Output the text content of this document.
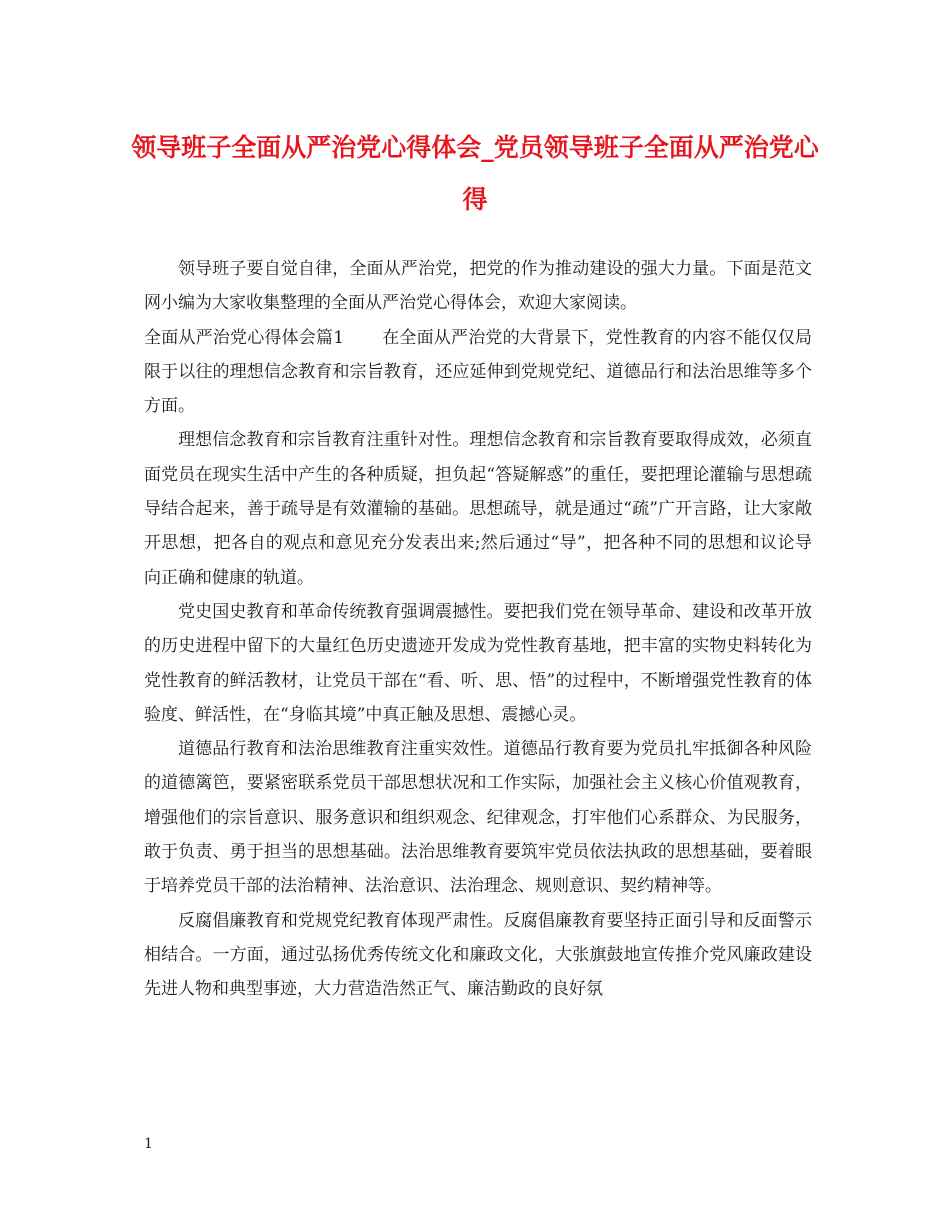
领导班子全面从严治党心得体会_党员领导班子全面从严治党心得

领导班子要自觉自律，全面从严治党，把党的作为推动建设的强大力量。下面是范文网小编为大家收集整理的全面从严治党心得体会，欢迎大家阅读。

全面从严治党心得体会篇1 在全面从严治党的大背景下，党性教育的内容不能仅仅局限于以往的理想信念教育和宗旨教育，还应延伸到党规党纪、道德品行和法治思维等多个方面。

理想信念教育和宗旨教育注重针对性。理想信念教育和宗旨教育要取得成效，必须直面党员在现实生活中产生的各种质疑，担负起“答疑解惑”的重任，要把理论灌输与思想疏导结合起来，善于疏导是有效灌输的基础。思想疏导，就是通过“疏”广开言路，让大家敞开思想，把各自的观点和意见充分发表出来;然后通过“导”，把各种不同的思想和议论导向正确和健康的轨道。

党史国史教育和革命传统教育强调震撼性。要把我们党在领导革命、建设和改革开放的历史进程中留下的大量红色历史遗迹开发成为党性教育基地，把丰富的实物史料转化为党性教育的鲜活教材，让党员干部在“看、听、思、悟”的过程中，不断增强党性教育的体验度、鲜活性，在“身临其境”中真正触及思想、震撼心灵。

道德品行教育和法治思维教育注重实效性。道德品行教育要为党员扎牢抵御各种风险的道德篱笆，要紧密联系党员干部思想状况和工作实际，加强社会主义核心价值观教育，增强他们的宗旨意识、服务意识和组织观念、纪律观念，打牢他们心系群众、为民服务，敢于负责、勇于担当的思想基础。法治思维教育要筑牢党员依法执政的思想基础，要着眼于培养党员干部的法治精神、法治意识、法治理念、规则意识、契约精神等。

反腐倡廉教育和党规党纪教育体现严肃性。反腐倡廉教育要坚持正面引导和反面警示相结合。一方面，通过弘扬优秀传统文化和廉政文化，大张旗鼓地宣传推介党风廉政建设先进人物和典型事迹，大力营造浩然正气、廉洁勤政的良好氛

1
